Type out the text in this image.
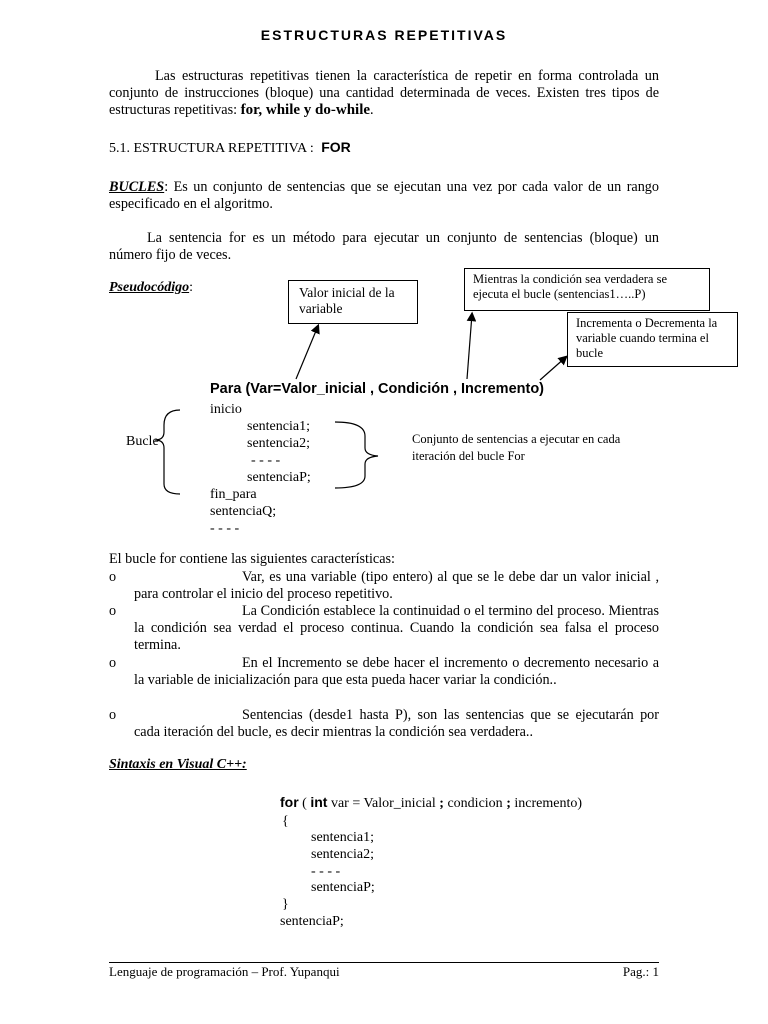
ESTRUCTURAS REPETITIVAS
Las estructuras repetitivas tienen la característica de repetir en forma controlada un conjunto de instrucciones (bloque) una cantidad determinada de veces. Existen tres tipos de estructuras repetitivas: for, while y do-while.
5.1. ESTRUCTURA REPETITIVA : FOR
BUCLES: Es un conjunto de sentencias que se ejecutan una vez por cada valor de un rango especificado en el algoritmo.
La sentencia for es un método para ejecutar un conjunto de sentencias (bloque) un número fijo de veces.
Pseudocódigo:	Valor inicial de la variable
Mientras la condición sea verdadera se ejecuta el bucle (sentencias1…..P)
Incrementa o Decrementa la variable cuando termina el bucle
Para (Var=Valor_inicial , Condición , Incremento)
inicio
sentencia1;
sentencia2;
- - - -
sentenciaP;
fin_para
sentenciaQ;
- - - -
Bucle	Conjunto de sentencias a ejecutar en cada iteración del bucle For
El bucle for contiene las siguientes características:
o	Var, es una variable (tipo entero) al que se le debe dar un valor inicial , para controlar el inicio del proceso repetitivo.
o	La Condición establece la continuidad o el termino del proceso. Mientras la condición sea verdad el proceso continua. Cuando la condición sea falsa el proceso termina.
o	En el Incremento se debe hacer el incremento o decremento necesario a la variable de inicialización para que esta pueda hacer variar la condición..
o	Sentencias (desde1 hasta P), son las sentencias que se ejecutarán por cada iteración del bucle, es decir mientras la condición sea verdadera..
Sintaxis en Visual C++:
for ( int var = Valor_inicial ; condicion ; incremento)
{
sentencia1;
sentencia2;
- - - -
sentenciaP;
}
sentenciaP;
Lenguaje de programación – Prof. Yupanqui	Pag.: 1
